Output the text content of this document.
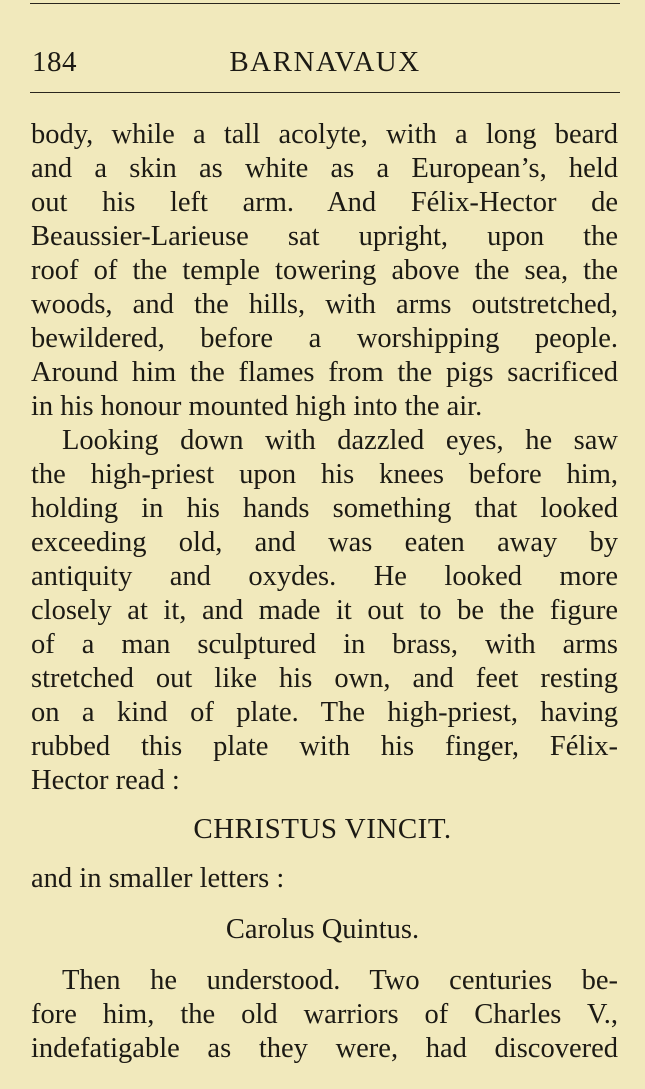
184	BARNAVAUX
body, while a tall acolyte, with a long beard
and a skin as white as a European’s, held
out his left arm. And Félix-Hector de
Beaussier-Larieuse sat upright, upon the
roof of the temple towering above the sea, the
woods, and the hills, with arms outstretched,
bewildered, before a worshipping people.
Around him the flames from the pigs sacrificed
in his honour mounted high into the air.
Looking down with dazzled eyes, he saw
the high-priest upon his knees before him,
holding in his hands something that looked
exceeding old, and was eaten away by
antiquity and oxydes. He looked more
closely at it, and made it out to be the figure
of a man sculptured in brass, with arms
stretched out like his own, and feet resting
on a kind of plate. The high-priest, having
rubbed this plate with his finger, Félix-
Hector read :
CHRISTUS VINCIT.
and in smaller letters :
Carolus Quintus.
Then he understood. Two centuries be-
fore him, the old warriors of Charles V.,
indefatigable as they were, had discovered
